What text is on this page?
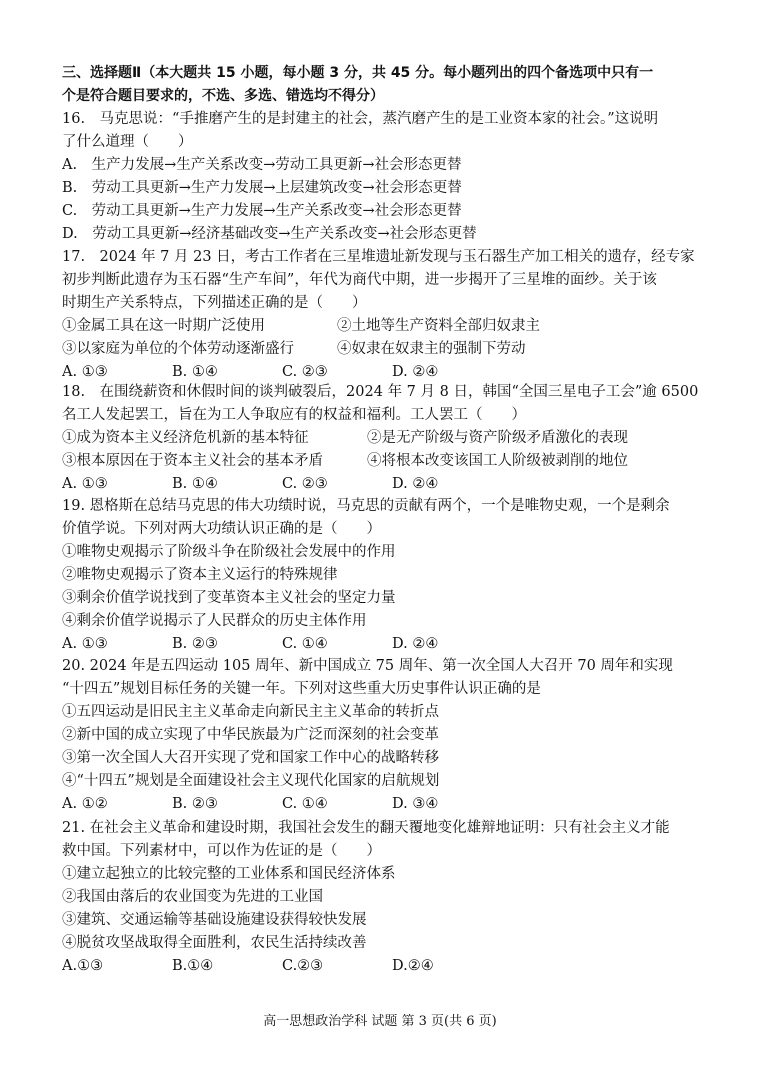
三、选择题Ⅱ（本大题共 15 小题，每小题 3 分，共 45 分。每小题列出的四个备选项中只有一
个是符合题目要求的，不选、多选、错选均不得分）
16.　马克思说：“手推磨产生的是封建主的社会，蒸汽磨产生的是工业资本家的社会。”这说明
了什么道理（　　）
A.　生产力发展→生产关系改变→劳动工具更新→社会形态更替
B.　劳动工具更新→生产力发展→上层建筑改变→社会形态更替
C.　劳动工具更新→生产力发展→生产关系改变→社会形态更替
D.　劳动工具更新→经济基础改变→生产关系改变→社会形态更替
17.　2024 年 7 月 23 日，考古工作者在三星堆遗址新发现与玉石器生产加工相关的遗存，经专家
初步判断此遗存为玉石器“生产车间”，年代为商代中期，进一步揭开了三星堆的面纱。关于该
时期生产关系特点，下列描述正确的是（　　）
①金属工具在这一时期广泛使用	②土地等生产资料全部归奴隶主
③以家庭为单位的个体劳动逐渐盛行	④奴隶在奴隶主的强制下劳动
A. ①③	B. ①④	C. ②③	D. ②④
18.　在围绕薪资和休假时间的谈判破裂后，2024 年 7 月 8 日，韩国“全国三星电子工会”逾 6500
名工人发起罢工，旨在为工人争取应有的权益和福利。工人罢工（　　）
①成为资本主义经济危机新的基本特征	②是无产阶级与资产阶级矛盾激化的表现
③根本原因在于资本主义社会的基本矛盾	④将根本改变该国工人阶级被剥削的地位
A. ①③	B. ①④	C. ②③	D. ②④
19. 恩格斯在总结马克思的伟大功绩时说，马克思的贡献有两个，一个是唯物史观，一个是剩余
价值学说。下列对两大功绩认识正确的是（　　）
①唯物史观揭示了阶级斗争在阶级社会发展中的作用
②唯物史观揭示了资本主义运行的特殊规律
③剩余价值学说找到了变革资本主义社会的坚定力量
④剩余价值学说揭示了人民群众的历史主体作用
A. ①③	B. ②③	C. ①④	D. ②④
20. 2024 年是五四运动 105 周年、新中国成立 75 周年、第一次全国人大召开 70 周年和实现
“十四五”规划目标任务的关键一年。下列对这些重大历史事件认识正确的是
①五四运动是旧民主主义革命走向新民主主义革命的转折点
②新中国的成立实现了中华民族最为广泛而深刻的社会变革
③第一次全国人大召开实现了党和国家工作中心的战略转移
④“十四五”规划是全面建设社会主义现代化国家的启航规划
A. ①②	B. ②③	C. ①④	D. ③④
21. 在社会主义革命和建设时期，我国社会发生的翻天覆地变化雄辩地证明：只有社会主义才能
救中国。下列素材中，可以作为佐证的是（　　）
①建立起独立的比较完整的工业体系和国民经济体系
②我国由落后的农业国变为先进的工业国
③建筑、交通运输等基础设施建设获得较快发展
④脱贫攻坚战取得全面胜利，农民生活持续改善
A.①③	B.①④	C.②③	D.②④
高一思想政治学科 试题 第 3 页(共 6 页)
